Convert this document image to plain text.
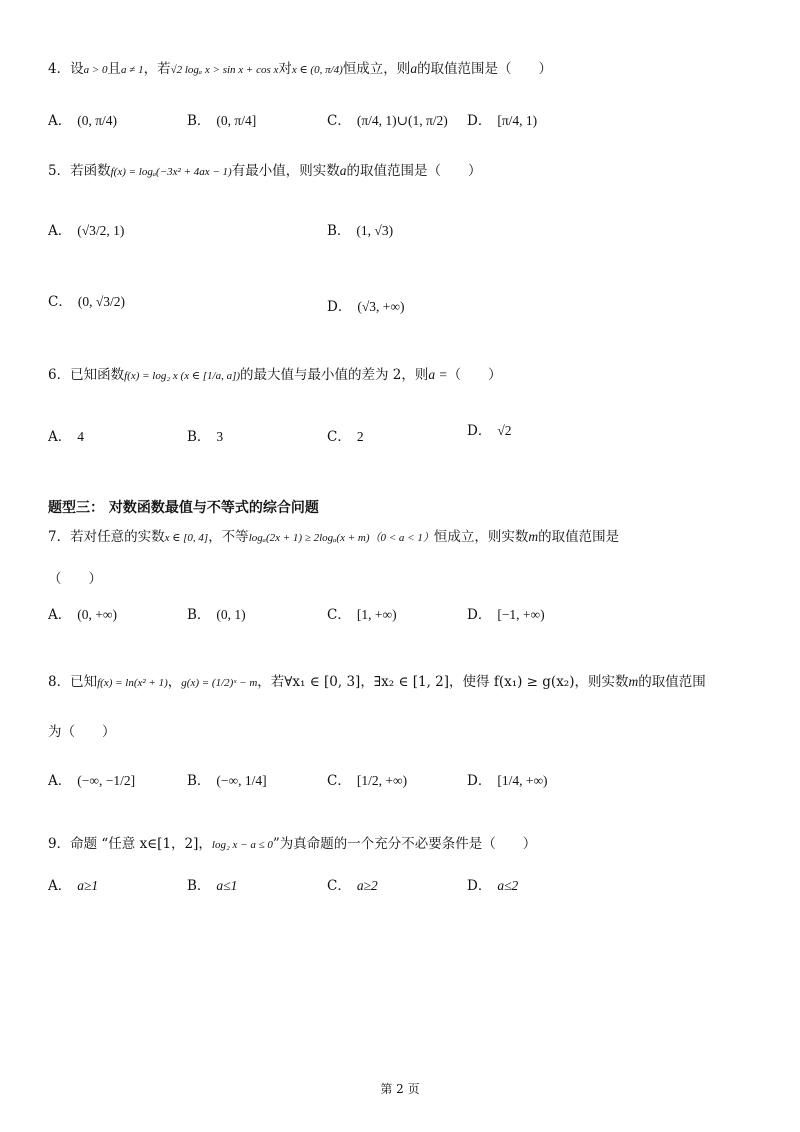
4．设a > 0且a ≠ 1，若√2 logₐ x > sin x + cos x对x ∈ (0, π/4)恒成立，则a的取值范围是（　　）
A． (0, π/4)	B． (0, π/4]	C． (π/4, 1)∪(1, π/2) D． [π/4, 1)
5．若函数f(x) = logₐ(−3x² + 4ax − 1)有最小值，则实数a的取值范围是（　　）
A． (√3/2, 1)	B． (1, √3)
C． (0, √3/2)	D． (√3, +∞)
6．已知函数f(x) = log₂ x (x ∈ [1/a, a])的最大值与最小值的差为 2，则a =（　　）
A． 4	B． 3	C． 2	D． √2
题型三： 对数函数最值与不等式的综合问题
7．若对任意的实数x ∈ [0, 4]，不等logₐ(2x + 1) ≥ 2logₐ(x + m)（0 < a < 1）恒成立，则实数m的取值范围是
（　　）
A． (0, +∞)	B． (0, 1)	C． [1, +∞)	D． [−1, +∞)
8．已知f(x) = ln(x² + 1)，g(x) = (1/2)ˣ − m，若∀x₁ ∈ [0, 3]，∃x₂ ∈ [1, 2]，使得 f(x₁) ≥ g(x₂)，则实数m的取值范围
为（　　）
A． (−∞, −1/2]	B． (−∞, 1/4]	C． [1/2, +∞)	D． [1/4, +∞)
9．命题 “任意 x∈[1，2]，log₂ x − a ≤ 0”为真命题的一个充分不必要条件是（　　）
A． a≥1	B． a≤1	C． a≥2	D． a≤2
第 2 页
